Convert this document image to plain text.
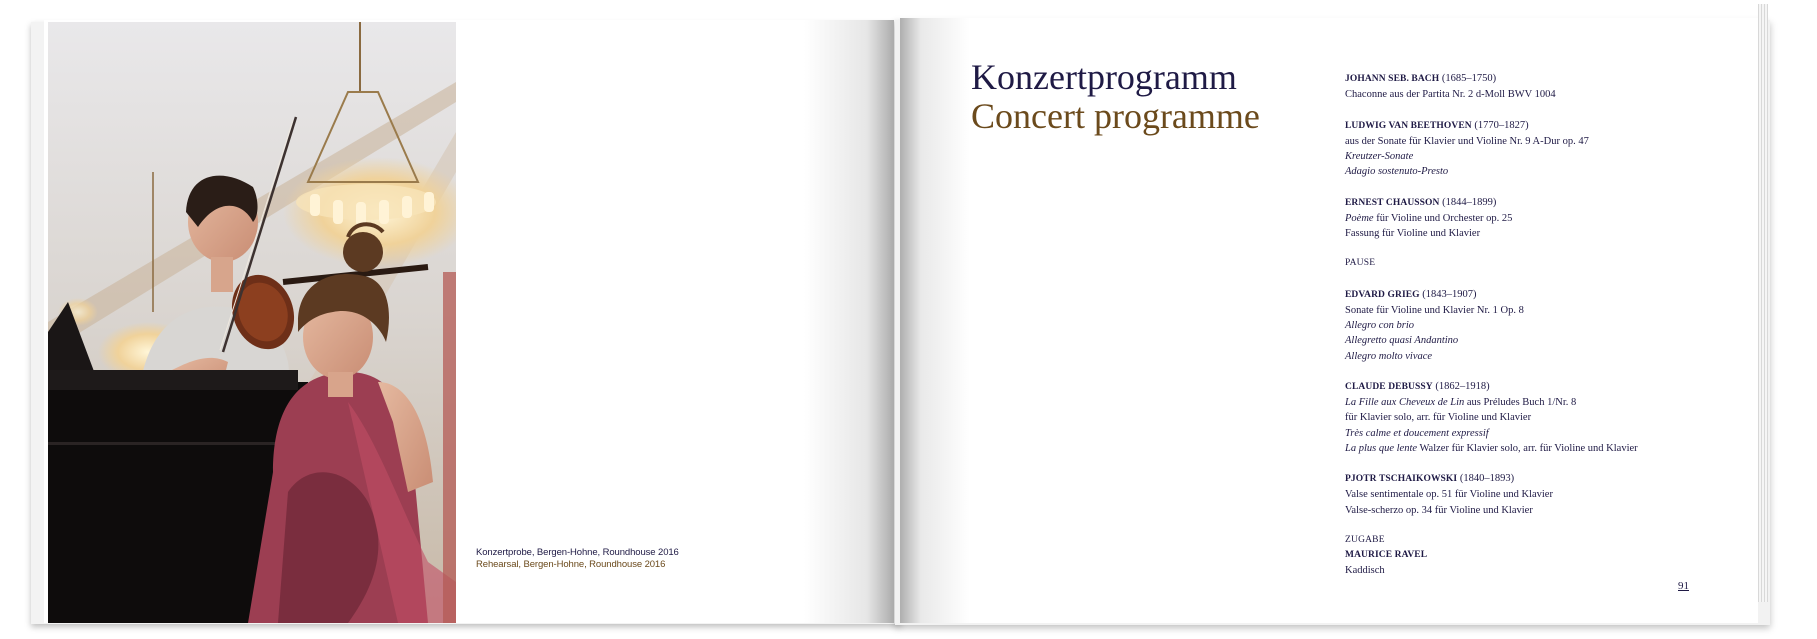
Konzertprobe, Bergen-Hohne, Roundhouse 2016
Rehearsal, Bergen-Hohne, Roundhouse 2016
Konzertprogramm
Concert programme
JOHANN SEB. BACH (1685–1750)
Chaconne aus der Partita Nr. 2 d-Moll BWV 1004
LUDWIG VAN BEETHOVEN (1770–1827)
aus der Sonate für Klavier und Violine Nr. 9 A-Dur op. 47
Kreutzer-Sonate
Adagio sostenuto-Presto
ERNEST CHAUSSON (1844–1899)
Poème für Violine und Orchester op. 25
Fassung für Violine und Klavier
PAUSE
EDVARD GRIEG (1843–1907)
Sonate für Violine und Klavier Nr. 1 Op. 8
Allegro con brio
Allegretto quasi Andantino
Allegro molto vivace
CLAUDE DEBUSSY (1862–1918)
La Fille aux Cheveux de Lin aus Préludes Buch 1/Nr. 8
für Klavier solo, arr. für Violine und Klavier
Très calme et doucement expressif
La plus que lente Walzer für Klavier solo, arr. für Violine und Klavier
PJOTR TSCHAIKOWSKI (1840–1893)
Valse sentimentale op. 51 für Violine und Klavier
Valse-scherzo op. 34 für Violine und Klavier
ZUGABE
MAURICE RAVEL
Kaddisch
91
